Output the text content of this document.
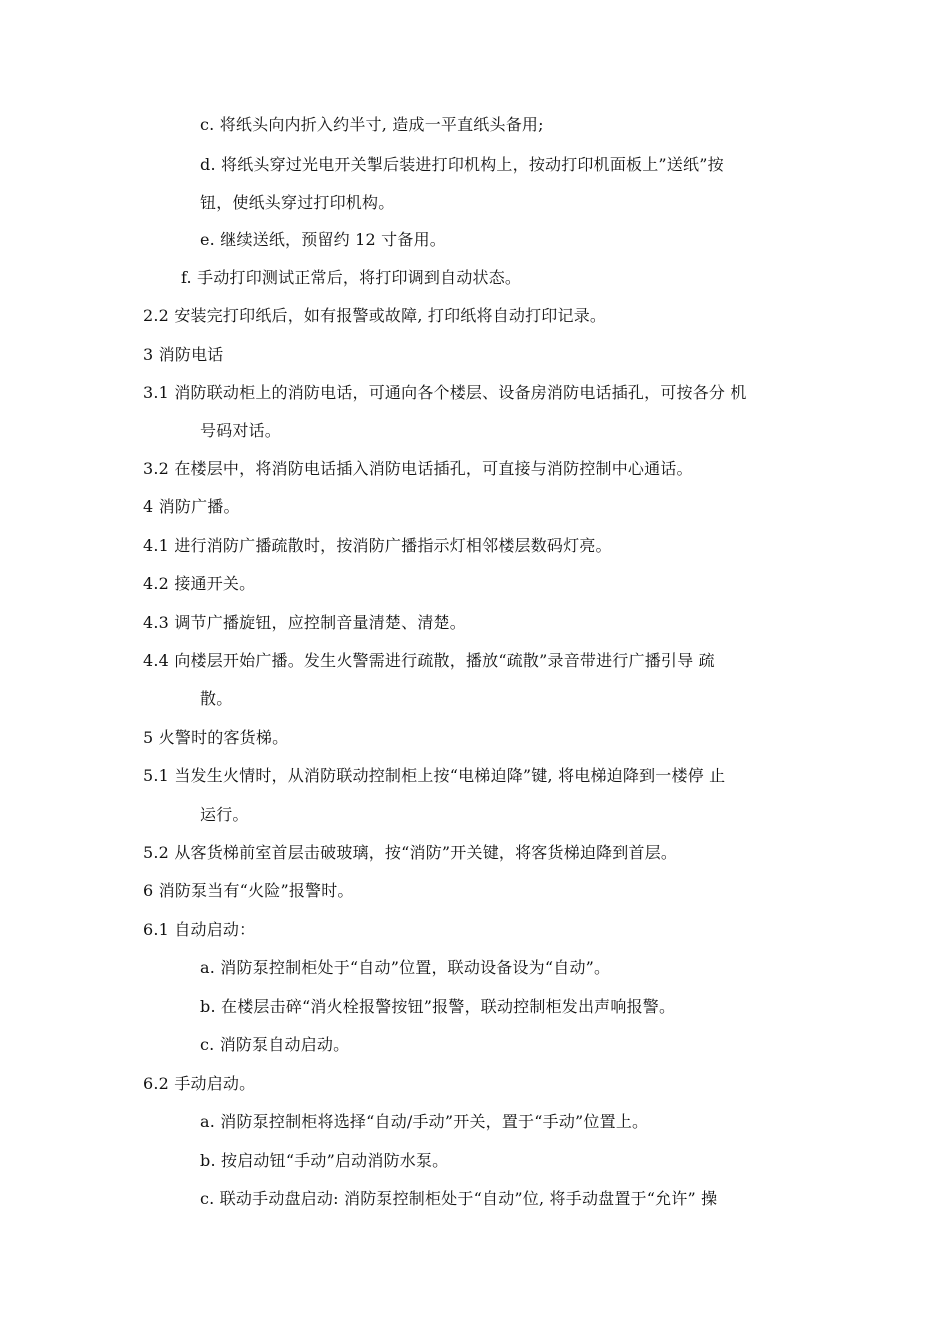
c. 将纸头向内折入约半寸, 造成一平直纸头备用;
d. 将纸头穿过光电开关掣后装进打印机构上，按动打印机面板上”送纸”按
钮，使纸头穿过打印机构。
e. 继续送纸，预留约 12 寸备用。
f. 手动打印测试正常后，将打印调到自动状态。
2.2 安装完打印纸后，如有报警或故障, 打印纸将自动打印记录。
3 消防电话
3.1 消防联动柜上的消防电话，可通向各个楼层、设备房消防电话插孔，可按各分 机
号码对话。
3.2 在楼层中，将消防电话插入消防电话插孔，可直接与消防控制中心通话。
4 消防广播。
4.1 进行消防广播疏散时，按消防广播指示灯相邻楼层数码灯亮。
4.2 接通开关。
4.3 调节广播旋钮，应控制音量清楚、清楚。
4.4 向楼层开始广播。发生火警需进行疏散，播放“疏散”录音带进行广播引导 疏
散。
5 火警时的客货梯。
5.1 当发生火情时，从消防联动控制柜上按“电梯迫降”键, 将电梯迫降到一楼停 止
运行。
5.2 从客货梯前室首层击破玻璃，按“消防”开关键，将客货梯迫降到首层。
6 消防泵当有“火险”报警时。
6.1 自动启动：
a. 消防泵控制柜处于“自动”位置，联动设备设为“自动”。
b. 在楼层击碎“消火栓报警按钮”报警，联动控制柜发出声响报警。
c. 消防泵自动启动。
6.2 手动启动。
a. 消防泵控制柜将选择“自动/手动”开关，置于“手动”位置上。
b. 按启动钮“手动”启动消防水泵。
c. 联动手动盘启动: 消防泵控制柜处于“自动”位, 将手动盘置于“允许” 操
